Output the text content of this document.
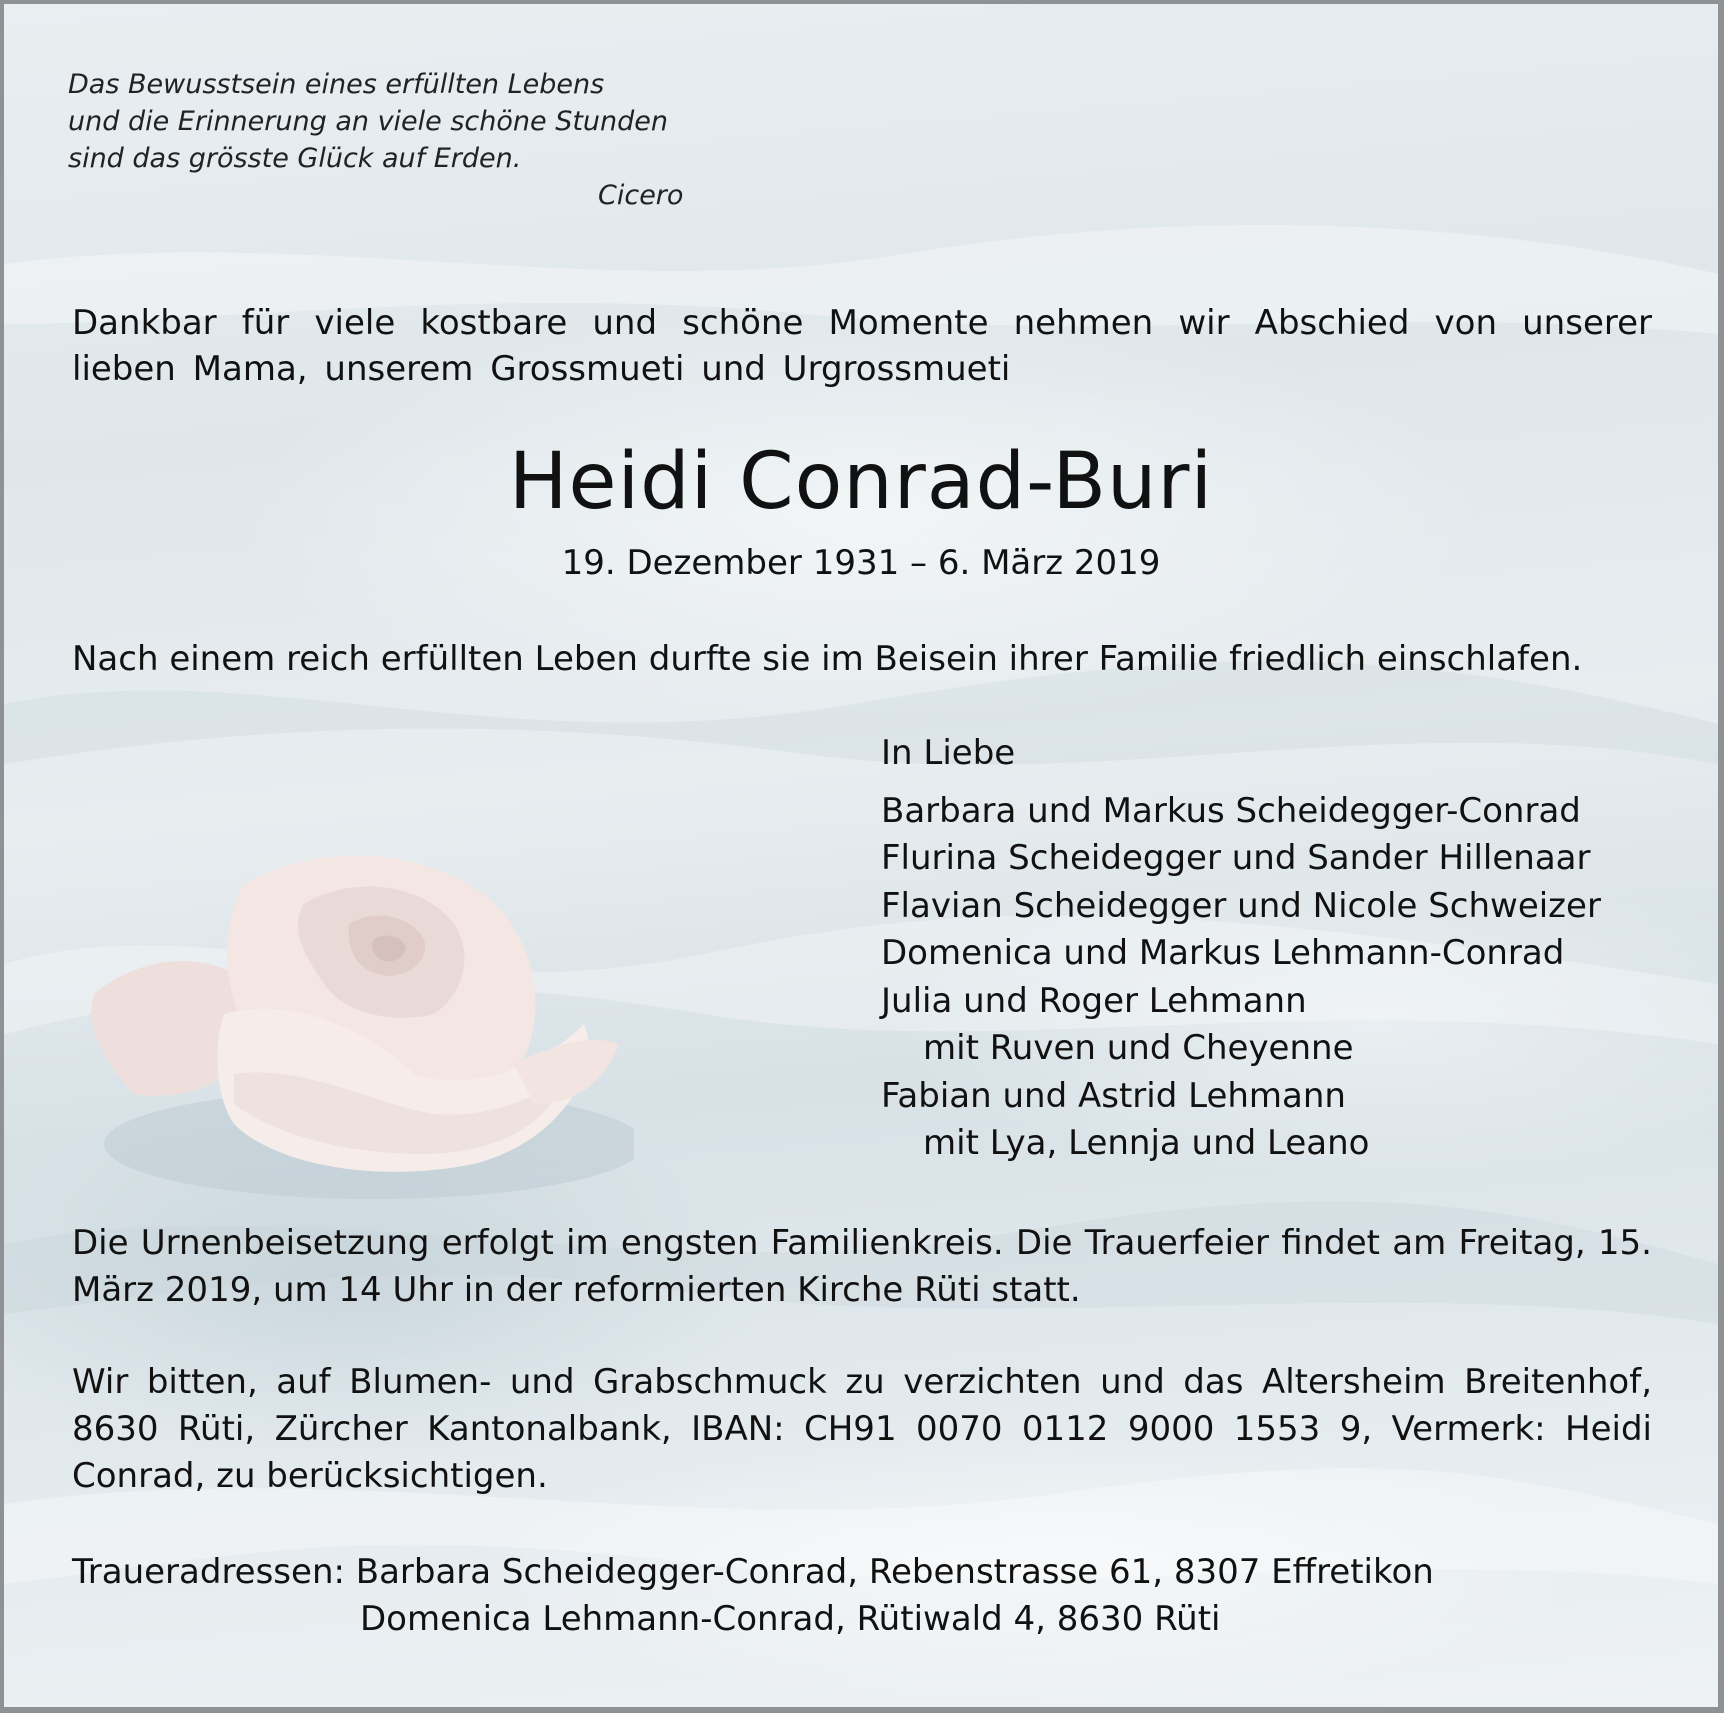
Das Bewusstsein eines erfüllten Lebens
und die Erinnerung an viele schöne Stunden
sind das grösste Glück auf Erden.
Cicero
Dankbar für viele kostbare und schöne Momente nehmen wir Abschied von unserer lieben Mama, unserem Grossmueti und Urgrossmueti
Heidi Conrad-Buri
19. Dezember 1931 – 6. März 2019
Nach einem reich erfüllten Leben durfte sie im Beisein ihrer Familie friedlich einschlafen.
In Liebe
Barbara und Markus Scheidegger-Conrad
Flurina Scheidegger und Sander Hillenaar
Flavian Scheidegger und Nicole Schweizer
Domenica und Markus Lehmann-Conrad
Julia und Roger Lehmann
mit Ruven und Cheyenne
Fabian und Astrid Lehmann
mit Lya, Lennja und Leano
Die Urnenbeisetzung erfolgt im engsten Familienkreis. Die Trauerfeier findet am Freitag, 15. März 2019, um 14 Uhr in der reformierten Kirche Rüti statt.
Wir bitten, auf Blumen- und Grabschmuck zu verzichten und das Altersheim Breitenhof, 8630 Rüti, Zürcher Kantonalbank, IBAN: CH91 0070 0112 9000 1553 9, Vermerk: Heidi Conrad, zu berücksichtigen.
Traueradressen: Barbara Scheidegger-Conrad, Rebenstrasse 61, 8307 Effretikon
Domenica Lehmann-Conrad, Rütiwald 4, 8630 Rüti
